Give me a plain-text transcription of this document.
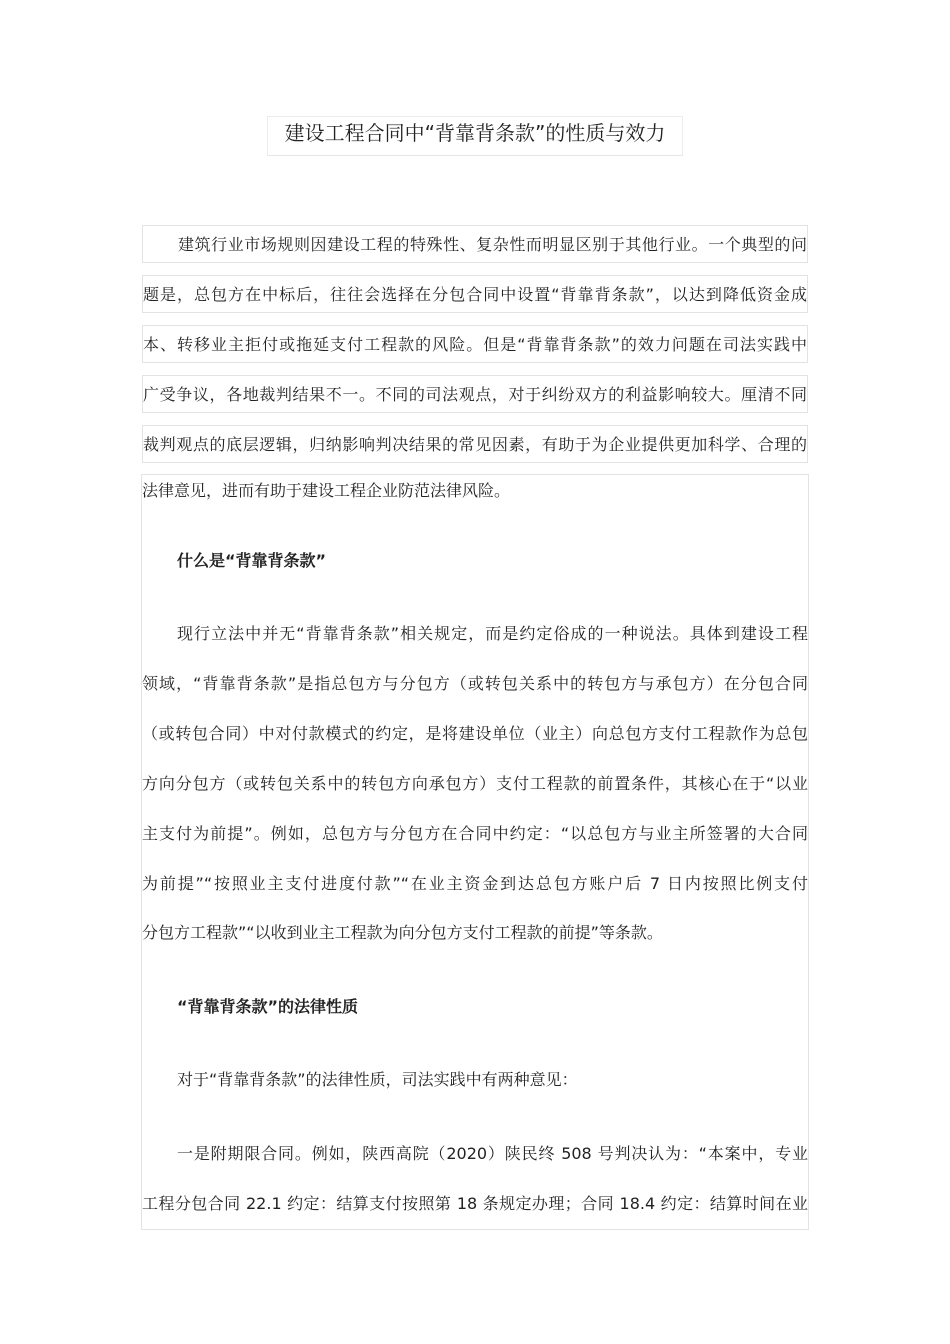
建设工程合同中“背靠背条款”的性质与效力
建筑行业市场规则因建设工程的特殊性、复杂性而明显区别于其他行业。一个典型的问
题是，总包方在中标后，往往会选择在分包合同中设置“背靠背条款”，以达到降低资金成
本、转移业主拒付或拖延支付工程款的风险。但是“背靠背条款”的效力问题在司法实践中
广受争议，各地裁判结果不一。不同的司法观点，对于纠纷双方的利益影响较大。厘清不同
裁判观点的底层逻辑，归纳影响判决结果的常见因素，有助于为企业提供更加科学、合理的
法律意见，进而有助于建设工程企业防范法律风险。
什么是“背靠背条款”
现行立法中并无“背靠背条款”相关规定，而是约定俗成的一种说法。具体到建设工程
领域，“背靠背条款”是指总包方与分包方（或转包关系中的转包方与承包方）在分包合同
（或转包合同）中对付款模式的约定，是将建设单位（业主）向总包方支付工程款作为总包
方向分包方（或转包关系中的转包方向承包方）支付工程款的前置条件，其核心在于“以业
主支付为前提”。例如，总包方与分包方在合同中约定：“以总包方与业主所签署的大合同
为前提”“按照业主支付进度付款”“在业主资金到达总包方账户后 7 日内按照比例支付
分包方工程款”“以收到业主工程款为向分包方支付工程款的前提”等条款。
“背靠背条款”的法律性质
对于“背靠背条款”的法律性质，司法实践中有两种意见：
一是附期限合同。例如，陕西高院（2020）陕民终 508 号判决认为：“本案中，专业
工程分包合同 22.1 约定：结算支付按照第 18 条规定办理；合同 18.4 约定：结算时间在业
